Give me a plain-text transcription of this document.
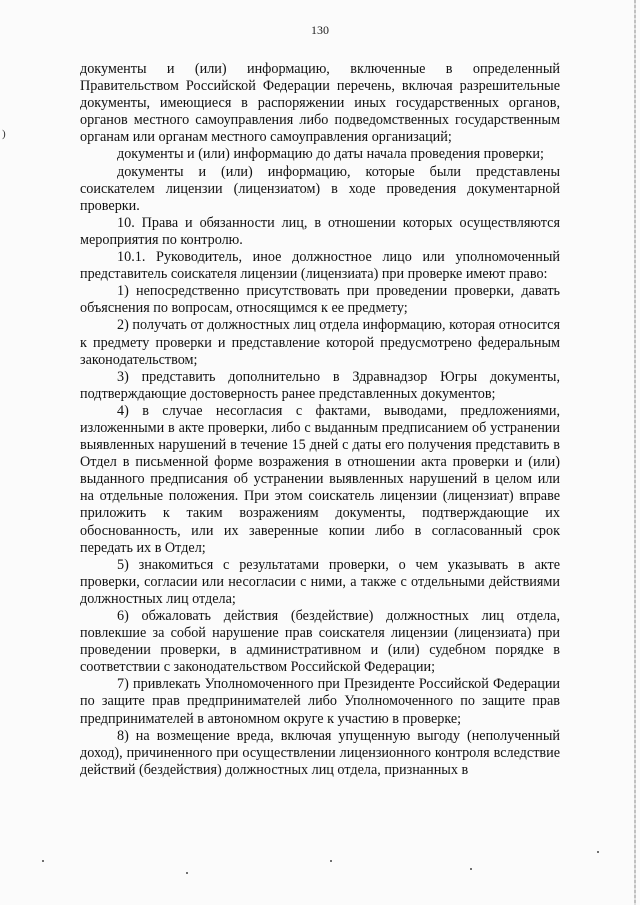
130
)

документы и (или) информацию, включенные в определенный Правительством Российской Федерации перечень, включая разрешительные документы, имеющиеся в распоряжении иных государственных органов, органов местного самоуправления либо подведомственных государственным органам или органам местного самоуправления организаций;

документы и (или) информацию до даты начала проведения проверки;

документы и (или) информацию, которые были представлены соискателем лицензии (лицензиатом) в ходе проведения документарной проверки.

10. Права и обязанности лиц, в отношении которых осуществляются мероприятия по контролю.

10.1. Руководитель, иное должностное лицо или уполномоченный представитель соискателя лицензии (лицензиата) при проверке имеют право:

1) непосредственно присутствовать при проведении проверки, давать объяснения по вопросам, относящимся к ее предмету;

2) получать от должностных лиц отдела информацию, которая относится к предмету проверки и представление которой предусмотрено федеральным законодательством;

3) представить дополнительно в Здравнадзор Югры документы, подтверждающие достоверность ранее представленных документов;

4) в случае несогласия с фактами, выводами, предложениями, изложенными в акте проверки, либо с выданным предписанием об устранении выявленных нарушений в течение 15 дней с даты его получения представить в Отдел в письменной форме возражения в отношении акта проверки и (или) выданного предписания об устранении выявленных нарушений в целом или на отдельные положения. При этом соискатель лицензии (лицензиат) вправе приложить к таким возражениям документы, подтверждающие их обоснованность, или их заверенные копии либо в согласованный срок передать их в Отдел;

5) знакомиться с результатами проверки, о чем указывать в акте проверки, согласии или несогласии с ними, а также с отдельными действиями должностных лиц отдела;

6) обжаловать действия (бездействие) должностных лиц отдела, повлекшие за собой нарушение прав соискателя лицензии (лицензиата) при проведении проверки, в административном и (или) судебном порядке в соответствии с законодательством Российской Федерации;

7) привлекать Уполномоченного при Президенте Российской Федерации по защите прав предпринимателей либо Уполномоченного по защите прав предпринимателей в автономном округе к участию в проверке;

8) на возмещение вреда, включая упущенную выгоду (неполученный доход), причиненного при осуществлении лицензионного контроля вследствие действий (бездействия) должностных лиц отдела, признанных в
